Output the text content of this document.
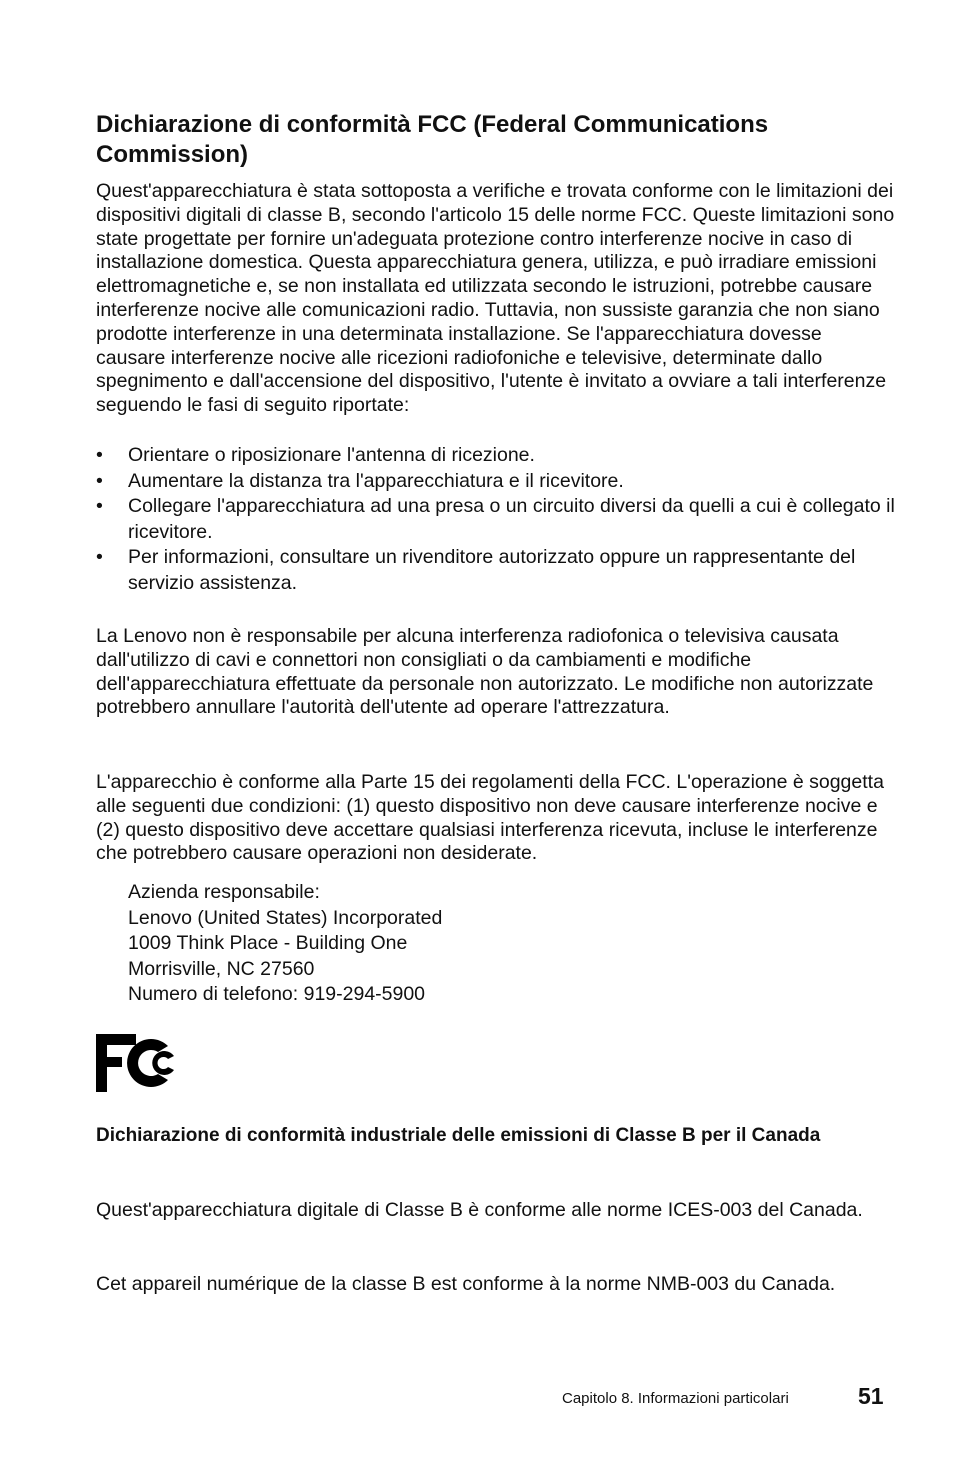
Dichiarazione di conformità FCC (Federal Communications Commission)

Quest'apparecchiatura è stata sottoposta a verifiche e trovata conforme con le limitazioni dei dispositivi digitali di classe B, secondo l'articolo 15 delle norme FCC. Queste limitazioni sono state progettate per fornire un'adeguata protezione contro interferenze nocive in caso di installazione domestica. Questa apparecchiatura genera, utilizza, e può irradiare emissioni elettromagnetiche e, se non installata ed utilizzata secondo le istruzioni, potrebbe causare interferenze nocive alle comunicazioni radio. Tuttavia, non sussiste garanzia che non siano prodotte interferenze in una determinata installazione. Se l'apparecchiatura dovesse causare interferenze nocive alle ricezioni radiofoniche e televisive, determinate dallo spegnimento e dall'accensione del dispositivo, l'utente è invitato a ovviare a tali interferenze seguendo le fasi di seguito riportate:

• Orientare o riposizionare l'antenna di ricezione.
• Aumentare la distanza tra l'apparecchiatura e il ricevitore.
• Collegare l'apparecchiatura ad una presa o un circuito diversi da quelli a cui è collegato il ricevitore.
• Per informazioni, consultare un rivenditore autorizzato oppure un rappresentante del servizio assistenza.

La Lenovo non è responsabile per alcuna interferenza radiofonica o televisiva causata dall'utilizzo di cavi e connettori non consigliati o da cambiamenti e modifiche dell'apparecchiatura effettuate da personale non autorizzato. Le modifiche non autorizzate potrebbero annullare l'autorità dell'utente ad operare l'attrezzatura.

L'apparecchio è conforme alla Parte 15 dei regolamenti della FCC. L'operazione è soggetta alle seguenti due condizioni: (1) questo dispositivo non deve causare interferenze nocive e (2) questo dispositivo deve accettare qualsiasi interferenza ricevuta, incluse le interferenze che potrebbero causare operazioni non desiderate.

Azienda responsabile:
Lenovo (United States) Incorporated
1009 Think Place - Building One
Morrisville, NC 27560
Numero di telefono: 919-294-5900
Dichiarazione di conformità industriale delle emissioni di Classe B per il Canada

Quest'apparecchiatura digitale di Classe B è conforme alle norme ICES-003 del Canada.

Cet appareil numérique de la classe B est conforme à la norme NMB-003 du Canada.

Capitolo 8. Informazioni particolari	51
